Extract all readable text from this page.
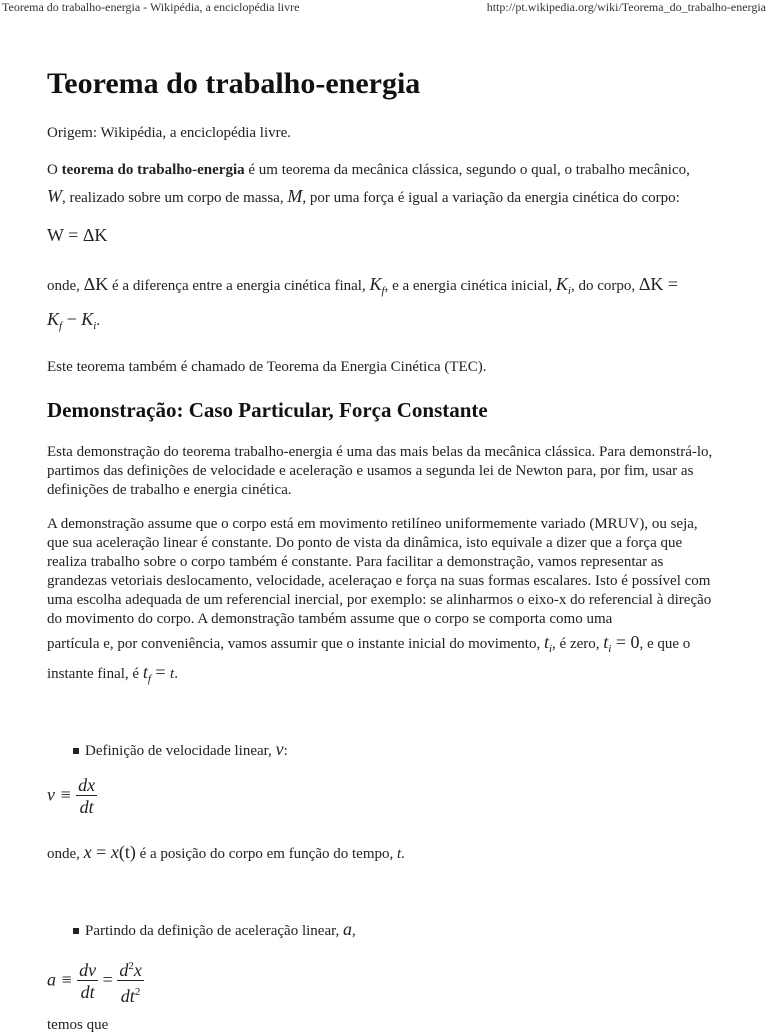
Teorema do trabalho-energia - Wikipédia, a enciclopédia livre	http://pt.wikipedia.org/wiki/Teorema_do_trabalho-energia
Teorema do trabalho-energia
Origem: Wikipédia, a enciclopédia livre.
O teorema do trabalho-energia é um teorema da mecânica clássica, segundo o qual, o trabalho mecânico,
W, realizado sobre um corpo de massa, M, por uma força é igual a variação da energia cinética do corpo:
W = ΔK
onde, ΔK é a diferença entre a energia cinética final, $K_f$, e a energia cinética inicial, $K_i$, do corpo, ΔK =
$K_f - K_i$.
Este teorema também é chamado de Teorema da Energia Cinética (TEC).
Demonstração: Caso Particular, Força Constante
Esta demonstração do teorema trabalho-energia é uma das mais belas da mecânica clássica. Para demonstrá-lo, partimos das definições de velocidade e aceleração e usamos a segunda lei de Newton para, por fim, usar as definições de trabalho e energia cinética.
A demonstração assume que o corpo está em movimento retilíneo uniformemente variado (MRUV), ou seja, que sua aceleração linear é constante. Do ponto de vista da dinâmica, isto equivale a dizer que a força que realiza trabalho sobre o corpo também é constante. Para facilitar a demonstração, vamos representar as grandezas vetoriais deslocamento, velocidade, aceleraçao e força na suas formas escalares. Isto é possível com uma escolha adequada de um referencial inercial, por exemplo: se alinharmos o eixo-x do referencial à direção do movimento do corpo. A demonstração também assume que o corpo se comporta como uma
partícula e, por conveniência, vamos assumir que o instante inicial do movimento, $t_i$, é zero, $t_i = 0$, e que o
instante final, é $t_f = t$.
Definição de velocidade linear, v:
$v \equiv \frac{dx}{dt}$
onde, x = x(t) é a posição do corpo em função do tempo, t.
Partindo da definição de aceleração linear, a,
$a \equiv \frac{dv}{dt} = \frac{d^2x}{dt^2}$
temos que
